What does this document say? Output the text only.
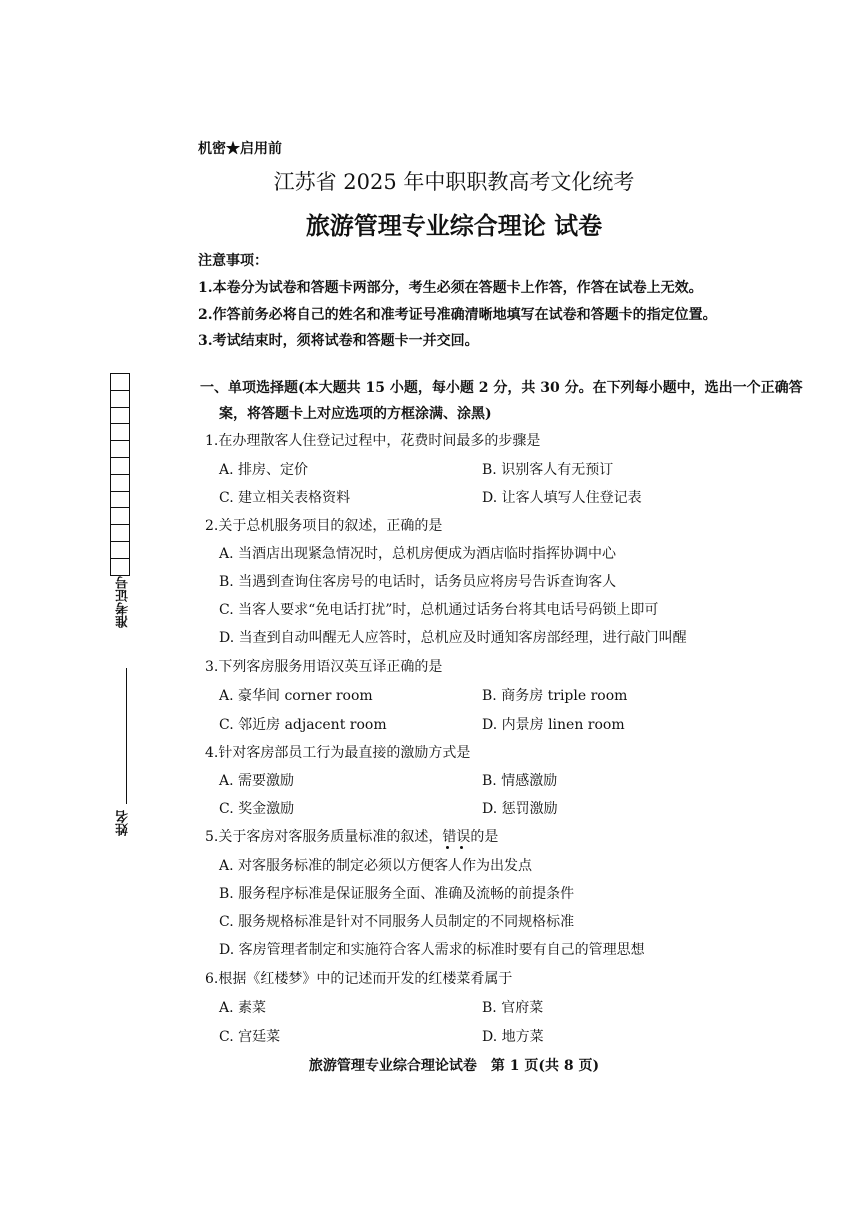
机密★启用前
江苏省 2025 年中职职教高考文化统考
旅游管理专业综合理论 试卷
注意事项：
1.本卷分为试卷和答题卡两部分，考生必须在答题卡上作答，作答在试卷上无效。
2.作答前务必将自己的姓名和准考证号准确清晰地填写在试卷和答题卡的指定位置。
3.考试结束时，须将试卷和答题卡一并交回。
准考证号
姓名
一、单项选择题(本大题共 15 小题，每小题 2 分，共 30 分。在下列每小题中，选出一个正确答
案，将答题卡上对应选项的方框涂满、涂黑)
1.在办理散客人住登记过程中，花费时间最多的步骤是
A. 排房、定价	B. 识别客人有无预订
C. 建立相关表格资料	D. 让客人填写人住登记表
2.关于总机服务项目的叙述，正确的是
A. 当酒店出现紧急情况时，总机房便成为酒店临时指挥协调中心
B. 当遇到查询住客房号的电话时，话务员应将房号告诉查询客人
C. 当客人要求“免电话打扰”时，总机通过话务台将其电话号码锁上即可
D. 当查到自动叫醒无人应答时，总机应及时通知客房部经理，进行敲门叫醒
3.下列客房服务用语汉英互译正确的是
A. 豪华间 corner room	B. 商务房 triple room
C. 邻近房 adjacent room	D. 内景房 linen room
4.针对客房部员工行为最直接的激励方式是
A. 需要激励	B. 情感激励
C. 奖金激励	D. 惩罚激励
5.关于客房对客服务质量标准的叙述，错误的是
A. 对客服务标准的制定必须以方便客人作为出发点
B. 服务程序标准是保证服务全面、准确及流畅的前提条件
C. 服务规格标准是针对不同服务人员制定的不同规格标准
D. 客房管理者制定和实施符合客人需求的标准时要有自己的管理思想
6.根据《红楼梦》中的记述而开发的红楼菜肴属于
A. 素菜	B. 官府菜
C. 宫廷菜	D. 地方菜
旅游管理专业综合理论试卷　第 1 页(共 8 页)
